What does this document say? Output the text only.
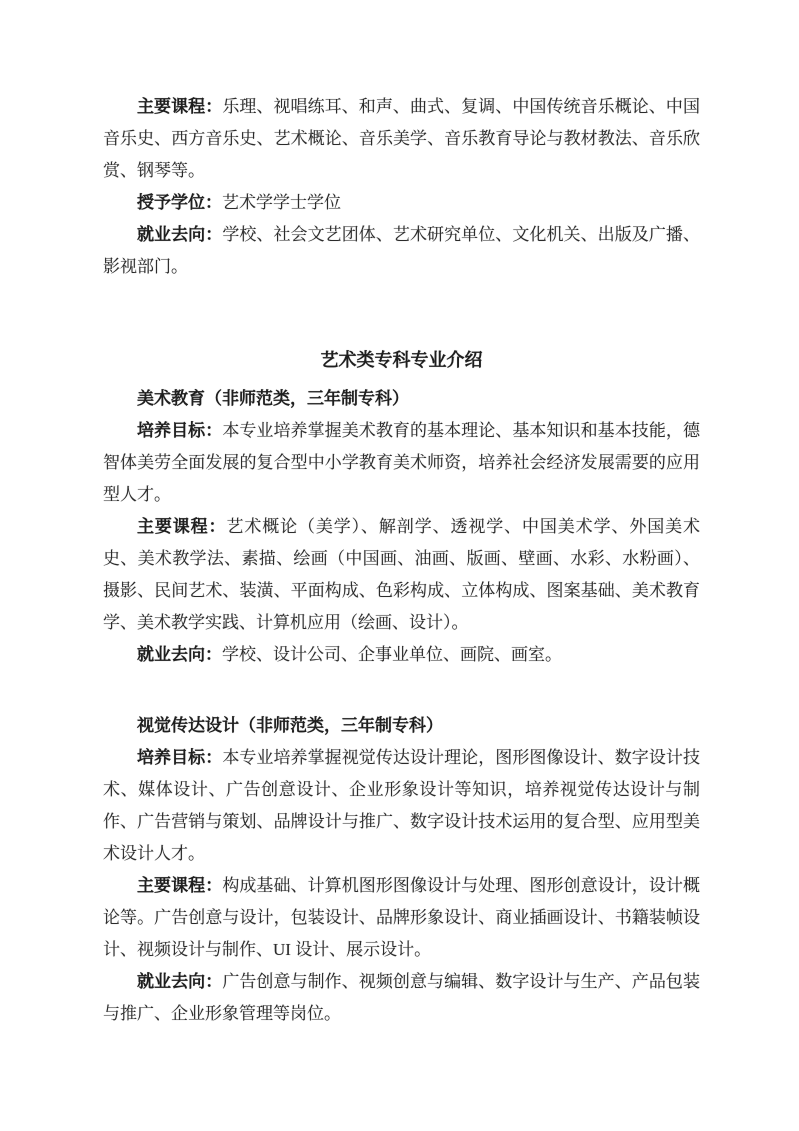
主要课程：乐理、视唱练耳、和声、曲式、复调、中国传统音乐概论、中国音乐史、西方音乐史、艺术概论、音乐美学、音乐教育导论与教材教法、音乐欣赏、钢琴等。

授予学位：艺术学学士学位

就业去向：学校、社会文艺团体、艺术研究单位、文化机关、出版及广播、影视部门。

艺术类专科专业介绍

美术教育（非师范类，三年制专科）

培养目标：本专业培养掌握美术教育的基本理论、基本知识和基本技能，德智体美劳全面发展的复合型中小学教育美术师资，培养社会经济发展需要的应用型人才。

主要课程：艺术概论（美学）、解剖学、透视学、中国美术学、外国美术史、美术教学法、素描、绘画（中国画、油画、版画、壁画、水彩、水粉画）、摄影、民间艺术、装潢、平面构成、色彩构成、立体构成、图案基础、美术教育学、美术教学实践、计算机应用（绘画、设计）。

就业去向：学校、设计公司、企事业单位、画院、画室。

视觉传达设计（非师范类，三年制专科）

培养目标：本专业培养掌握视觉传达设计理论，图形图像设计、数字设计技术、媒体设计、广告创意设计、企业形象设计等知识，培养视觉传达设计与制作、广告营销与策划、品牌设计与推广、数字设计技术运用的复合型、应用型美术设计人才。

主要课程：构成基础、计算机图形图像设计与处理、图形创意设计，设计概论等。广告创意与设计，包装设计、品牌形象设计、商业插画设计、书籍装帧设计、视频设计与制作、UI 设计、展示设计。

就业去向：广告创意与制作、视频创意与编辑、数字设计与生产、产品包装与推广、企业形象管理等岗位。
